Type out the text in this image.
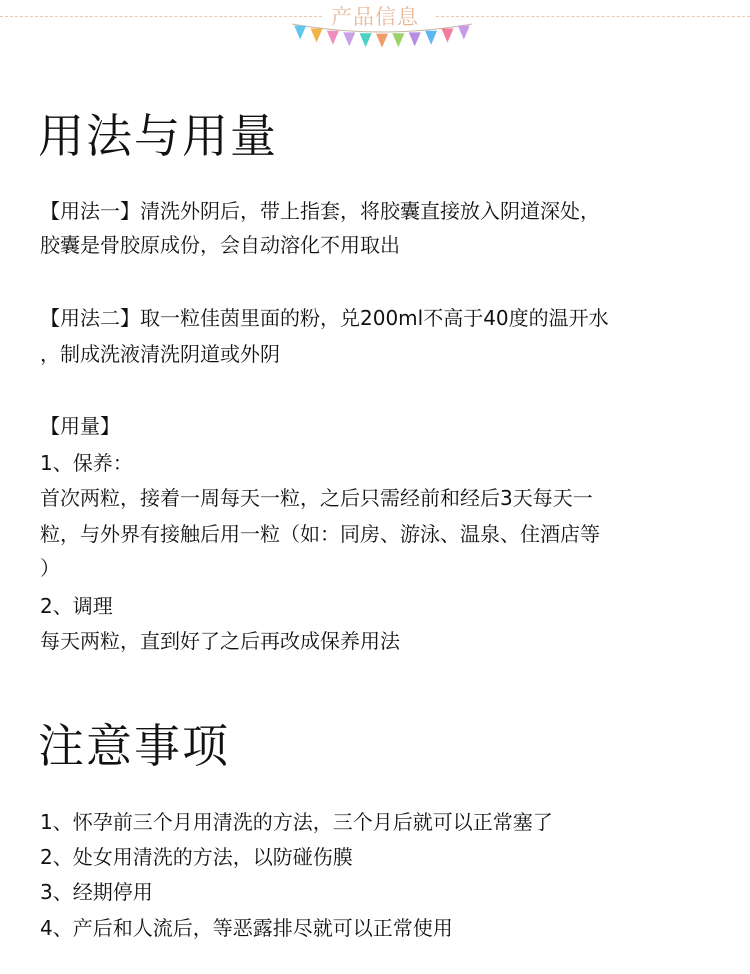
产品信息
用法与用量

【用法一】清洗外阴后，带上指套，将胶囊直接放入阴道深处，

胶囊是骨胶原成份，会自动溶化不用取出

【用法二】取一粒佳茵里面的粉，兑200ml不高于40度的温开水

，制成洗液清洗阴道或外阴

【用量】

1、保养：

首次两粒，接着一周每天一粒，之后只需经前和经后3天每天一

粒，与外界有接触后用一粒（如：同房、游泳、温泉、住酒店等

）

2、调理

每天两粒，直到好了之后再改成保养用法

注意事项

1、怀孕前三个月用清洗的方法，三个月后就可以正常塞了

2、处女用清洗的方法，以防碰伤膜

3、经期停用

4、产后和人流后，等恶露排尽就可以正常使用
